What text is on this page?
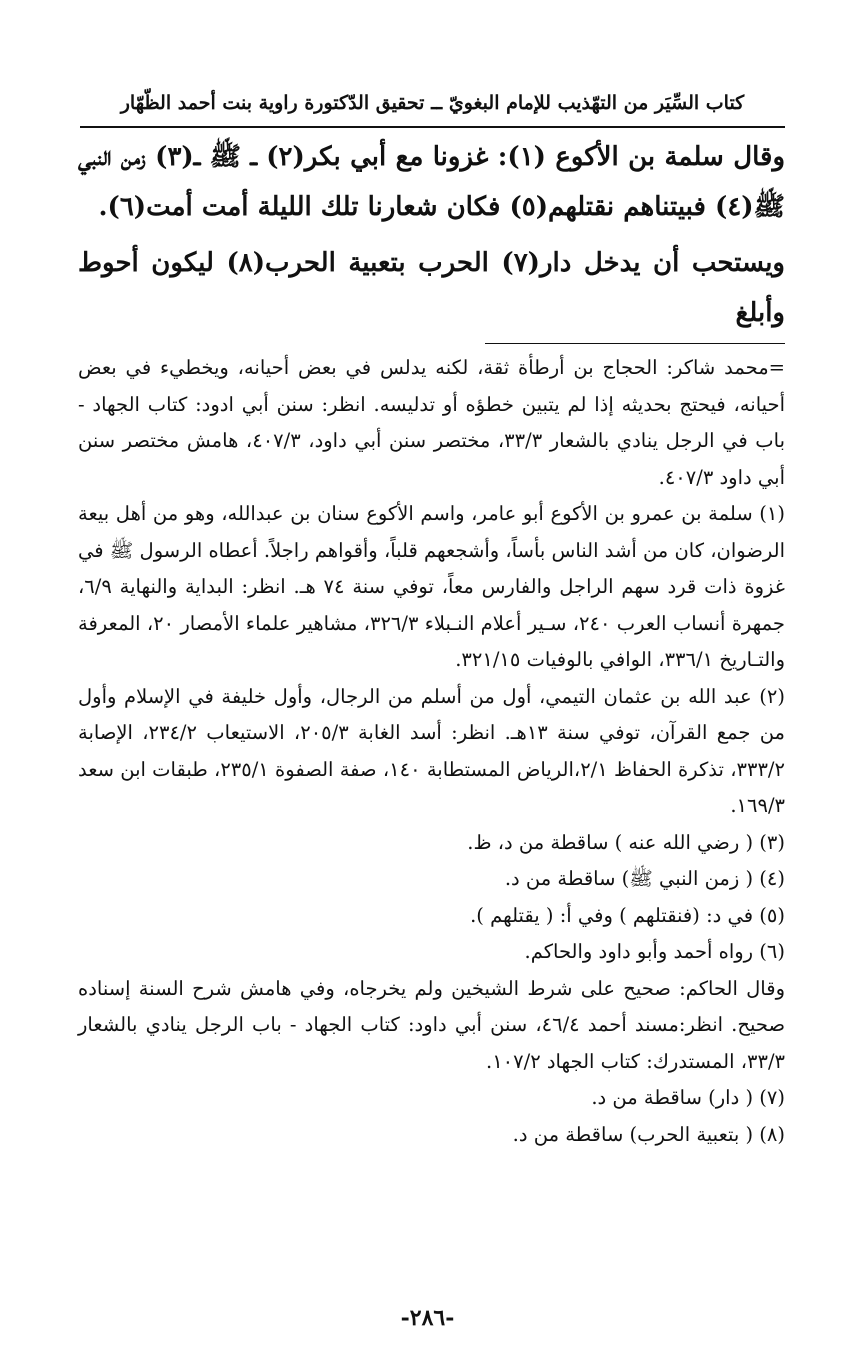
كتاب السِّيَر من التهّذيب للإمام البغويّ ــ تحقيق الدّكتورة راوية بنت أحمد الظّهّار

وقال سلمة بن الأكوع (١): غزونا مع أبي بكر(٢) ــ ﷺ ــ(٣) زمن النبي ﷺ(٤) فبيتناهم نقتلهم(٥) فكان شعارنا تلك الليلة أمت أمت(٦).

ويستحب أن يدخل دار(٧) الحرب بتعبية الحرب(٨) ليكون أحوط وأبلغ

=محمد شاكر: الحجاج بن أرطأة ثقة، لكنه يدلس في بعض أحيانه، ويخطيء في بعض أحيانه، فيحتج بحديثه إذا لم يتبين خطؤه أو تدليسه. انظر: سنن أبي ادود: كتاب الجهاد - باب في الرجل ينادي بالشعار ٣٣/٣، مختصر سنن أبي داود، ٤٠٧/٣، هامش مختصر سنن أبي داود ٤٠٧/٣.

(١) سلمة بن عمرو بن الأكوع أبو عامر، واسم الأكوع سنان بن عبدالله، وهو من أهل بيعة الرضوان، كان من أشد الناس بأساً، وأشجعهم قلباً، وأقواهم راجلاً. أعطاه الرسول ﷺ في غزوة ذات قرد سهم الراجل والفارس معاً، توفي سنة ٧٤ هـ. انظر: البداية والنهاية ٦/٩، جمهرة أنساب العرب ٢٤٠، سـير أعلام النـبلاء ٣٢٦/٣، مشاهير علماء الأمصار ٢٠، المعرفة والتـاريخ ٣٣٦/١، الوافي بالوفيات ٣٢١/١٥.

(٢) عبد الله بن عثمان التيمي، أول من أسلم من الرجال، وأول خليفة في الإسلام وأول من جمع القرآن، توفي سنة ١٣هـ. انظر: أسد الغابة ٢٠٥/٣، الاستيعاب ٢٣٤/٢، الإصابة ٣٣٣/٢، تذكرة الحفاظ ٢/١،الرياض المستطابة ١٤٠، صفة الصفوة ٢٣٥/١، طبقات ابن سعد ١٦٩/٣.

(٣) ( رضي الله عنه ) ساقطة من د، ظ.

(٤) ( زمن النبي ﷺ) ساقطة من د.

(٥) في د: (فنقتلهم ) وفي أ: ( يقتلهم ).

(٦) رواه أحمد وأبو داود والحاكم.

وقال الحاكم: صحيح على شرط الشيخين ولم يخرجاه، وفي هامش شرح السنة إسناده صحيح. انظر:مسند أحمد ٤٦/٤، سنن أبي داود: كتاب الجهاد - باب الرجل ينادي بالشعار ٣٣/٣، المستدرك: كتاب الجهاد ١٠٧/٢.

(٧) ( دار) ساقطة من د.

(٨) ( بتعبية الحرب) ساقطة من د.

-٢٨٦-
